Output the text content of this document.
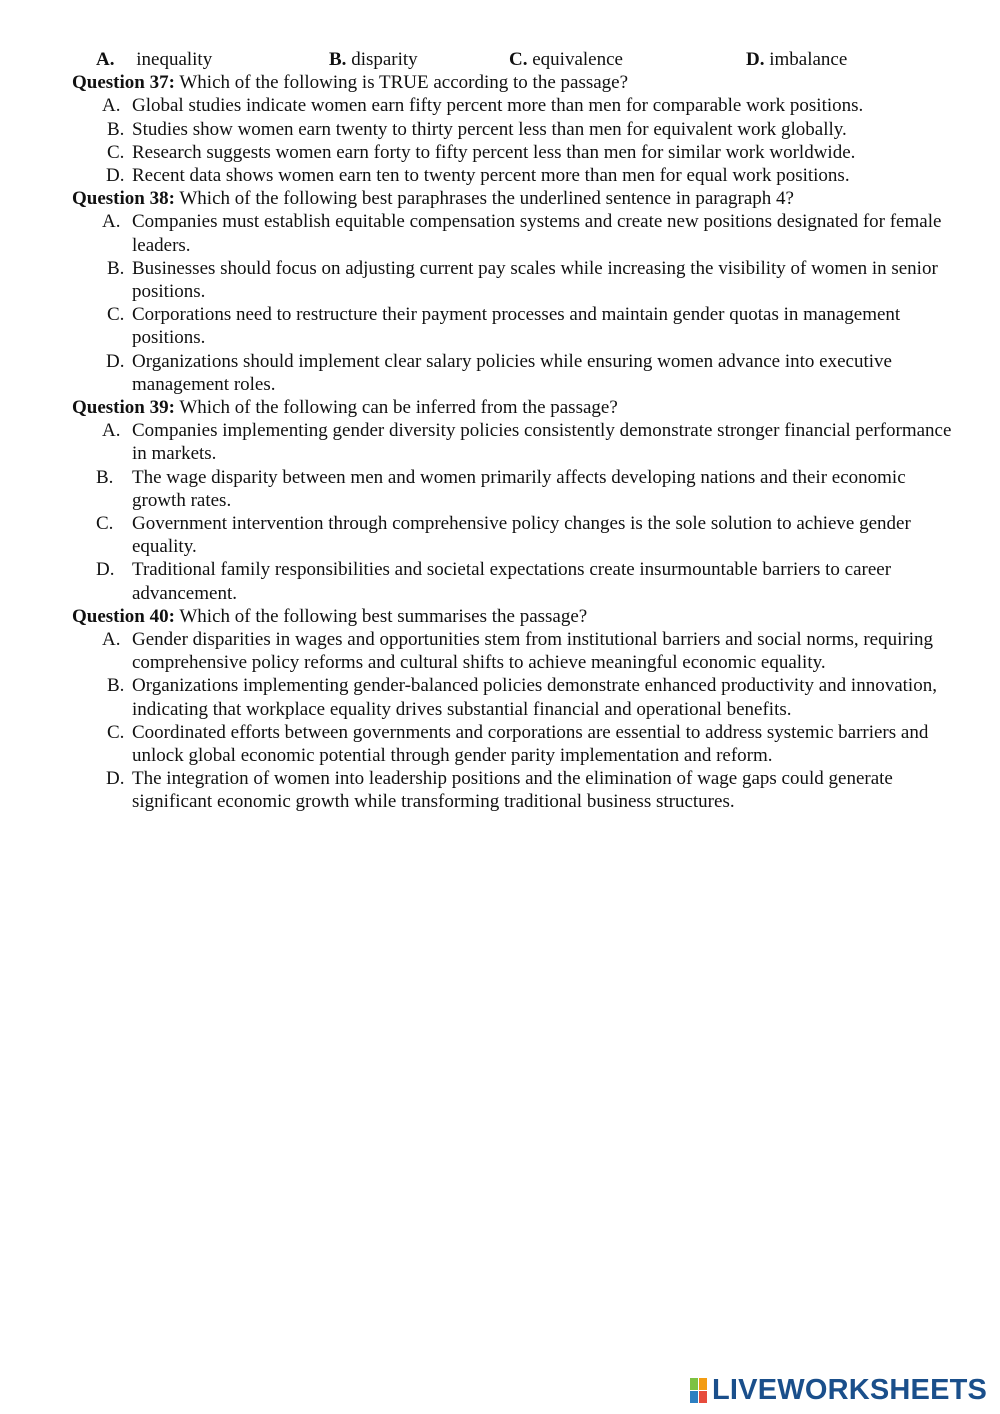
A. inequality	B. disparity	C. equivalence	D. imbalance
Question 37: Which of the following is TRUE according to the passage?
A. Global studies indicate women earn fifty percent more than men for comparable work positions.
B. Studies show women earn twenty to thirty percent less than men for equivalent work globally.
C. Research suggests women earn forty to fifty percent less than men for similar work worldwide.
D. Recent data shows women earn ten to twenty percent more than men for equal work positions.
Question 38: Which of the following best paraphrases the underlined sentence in paragraph 4?
A. Companies must establish equitable compensation systems and create new positions designated for female leaders.
B. Businesses should focus on adjusting current pay scales while increasing the visibility of women in senior positions.
C. Corporations need to restructure their payment processes and maintain gender quotas in management positions.
D. Organizations should implement clear salary policies while ensuring women advance into executive management roles.
Question 39: Which of the following can be inferred from the passage?
A. Companies implementing gender diversity policies consistently demonstrate stronger financial performance in markets.
B. The wage disparity between men and women primarily affects developing nations and their economic growth rates.
C. Government intervention through comprehensive policy changes is the sole solution to achieve gender equality.
D. Traditional family responsibilities and societal expectations create insurmountable barriers to career advancement.
Question 40: Which of the following best summarises the passage?
A. Gender disparities in wages and opportunities stem from institutional barriers and social norms, requiring comprehensive policy reforms and cultural shifts to achieve meaningful economic equality.
B. Organizations implementing gender-balanced policies demonstrate enhanced productivity and innovation, indicating that workplace equality drives substantial financial and operational benefits.
C. Coordinated efforts between governments and corporations are essential to address systemic barriers and unlock global economic potential through gender parity implementation and reform.
D. The integration of women into leadership positions and the elimination of wage gaps could generate significant economic growth while transforming traditional business structures.
LIVEWORKSHEETS
